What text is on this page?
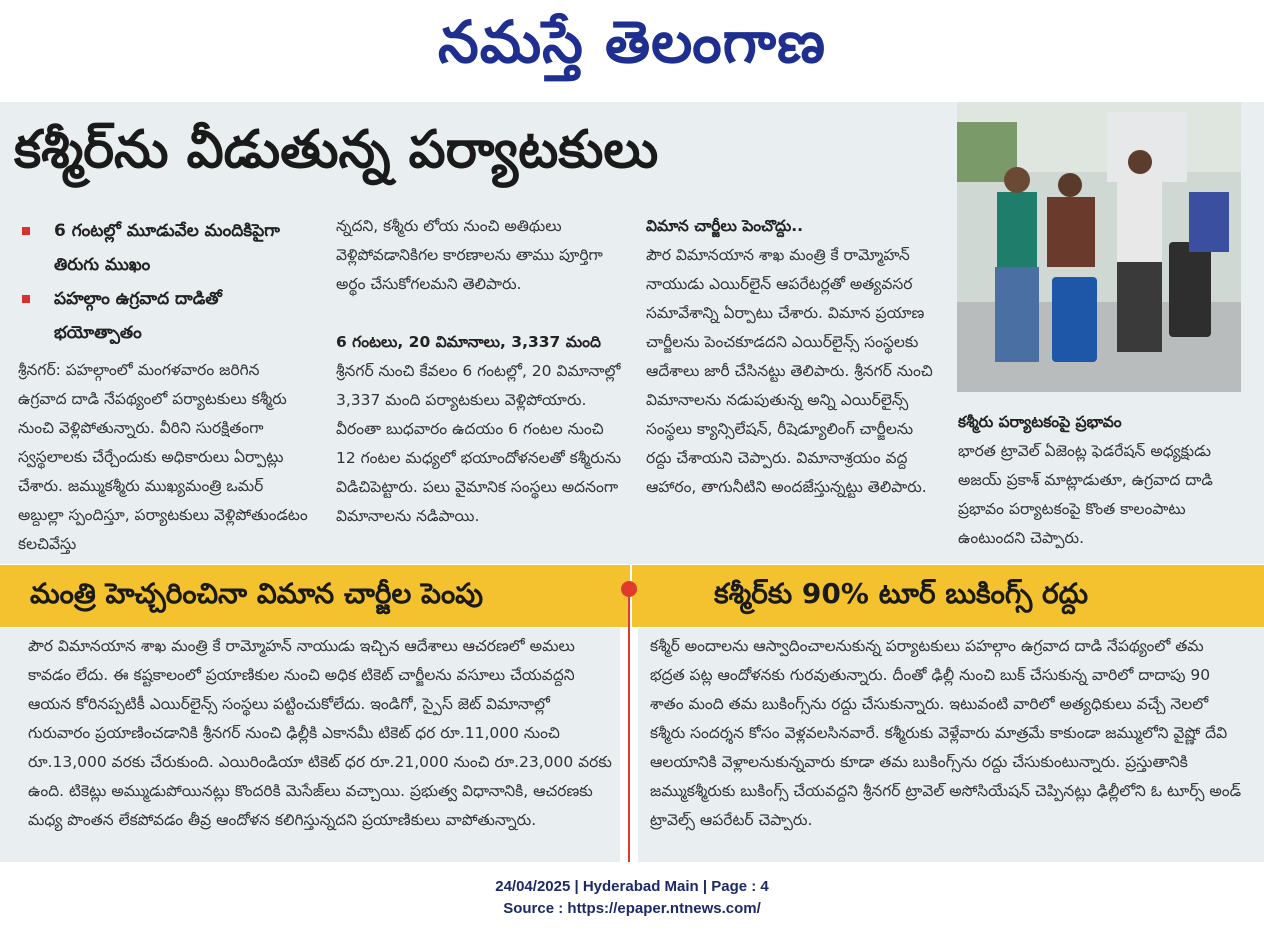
నమస్తే తెలంగాణ
కశ్మీర్‌ను వీడుతున్న పర్యాటకులు
6 గంటల్లో మూడువేల మందికిపైగా తిరుగు ముఖం
పహల్గాం ఉగ్రవాద దాడితో భయోత్పాతం
శ్రీనగర్‌: పహల్గాంలో మంగళవారం జరిగిన ఉగ్రవాద దాడి నేపథ్యంలో పర్యాటకులు కశ్మీరు నుంచి వెళ్లిపోతున్నారు. వీరిని సురక్షితంగా స్వస్థలాలకు చేర్చేందుకు అధికారులు ఏర్పాట్లు చేశారు. జమ్ముకశ్మీరు ముఖ్యమంత్రి ఒమర్‌ అబ్దుల్లా స్పందిస్తూ, పర్యాటకులు వెళ్లిపోతుండటం కలచివేస్తు
న్నదని, కశ్మీరు లోయ నుంచి అతిథులు వెళ్లిపోవడానికిగల కారణాలను తాము పూర్తిగా అర్థం చేసుకోగలమని తెలిపారు.
6 గంటలు, 20 విమానాలు, 3,337 మంది
శ్రీనగర్‌ నుంచి కేవలం 6 గంటల్లో, 20 విమానాల్లో 3,337 మంది పర్యాటకులు వెళ్లిపోయారు. వీరంతా బుధవారం ఉదయం 6 గంటల నుంచి 12 గంటల మధ్యలో భయాందోళనలతో కశ్మీరును విడిచిపెట్టారు. పలు వైమానిక సంస్థలు అదనంగా విమానాలను నడిపాయి.
విమాన చార్జీలు పెంచొద్దు..
పౌర విమానయాన శాఖ మంత్రి కే రామ్మోహన్‌ నాయుడు ఎయిర్‌లైన్‌ ఆపరేటర్లతో అత్యవసర సమావేశాన్ని ఏర్పాటు చేశారు. విమాన ప్రయాణ చార్జీలను పెంచకూడదని ఎయిర్‌లైన్స్‌ సంస్థలకు ఆదేశాలు జారీ చేసినట్టు తెలిపారు. శ్రీనగర్‌ నుంచి విమానాలను నడుపుతున్న అన్ని ఎయిర్‌లైన్స్‌ సంస్థలు క్యాన్సిలేషన్‌, రీషెడ్యూలింగ్‌ చార్జీలను రద్దు చేశాయని చెప్పారు. విమానాశ్రయం వద్ద ఆహారం, తాగునీటిని అందజేస్తున్నట్టు తెలిపారు.
కశ్మీరు పర్యాటకంపై ప్రభావం
భారత ట్రావెల్‌ ఏజెంట్ల ఫెడరేషన్‌ అధ్యక్షుడు అజయ్‌ ప్రకాశ్‌ మాట్లాడుతూ, ఉగ్రవాద దాడి ప్రభావం పర్యాటకంపై కొంత కాలంపాటు ఉంటుందని చెప్పారు.
మంత్రి హెచ్చరించినా విమాన చార్జీల పెంపు	కశ్మీర్‌కు 90% టూర్‌ బుకింగ్స్‌ రద్దు
పౌర విమానయాన శాఖ మంత్రి కే రామ్మోహన్‌ నాయుడు ఇచ్చిన ఆదేశాలు ఆచరణలో అమలు కావడం లేదు. ఈ కష్టకాలంలో ప్రయాణికుల నుంచి అధిక టికెట్‌ చార్జీలను వసూలు చేయవద్దని ఆయన కోరినప్పటికీ ఎయిర్‌లైన్స్‌ సంస్థలు పట్టించుకోలేదు. ఇండిగో, స్పైస్‌ జెట్‌ విమానాల్లో గురువారం ప్రయాణించడానికి శ్రీనగర్‌ నుంచి ఢిల్లీకి ఎకానమీ టికెట్‌ ధర రూ.11,000 నుంచి రూ.13,000 వరకు చేరుకుంది. ఎయిరిండియా టికెట్‌ ధర రూ.21,000 నుంచి రూ.23,000 వరకు ఉంది. టికెట్లు అమ్ముడుపోయినట్లు కొందరికి మెసేజ్‌లు వచ్చాయి. ప్రభుత్వ విధానానికి, ఆచరణకు మధ్య పొంతన లేకపోవడం తీవ్ర ఆందోళన కలిగిస్తున్నదని ప్రయాణికులు వాపోతున్నారు.
కశ్మీర్‌ అందాలను ఆస్వాదించాలనుకున్న పర్యాటకులు పహల్గాం ఉగ్రవాద దాడి నేపథ్యంలో తమ భద్రత పట్ల ఆందోళనకు గురవుతున్నారు. దీంతో ఢిల్లీ నుంచి బుక్‌ చేసుకున్న వారిలో దాదాపు 90 శాతం మంది తమ బుకింగ్స్‌ను రద్దు చేసుకున్నారు. ఇటువంటి వారిలో అత్యధికులు వచ్చే నెలలో కశ్మీరు సందర్శన కోసం వెళ్లవలసినవారే. కశ్మీరుకు వెళ్లేవారు మాత్రమే కాకుండా జమ్ములోని వైష్ణో దేవి ఆలయానికి వెళ్లాలనుకున్నవారు కూడా తమ బుకింగ్స్‌ను రద్దు చేసుకుంటున్నారు. ప్రస్తుతానికి జమ్ముకశ్మీరుకు బుకింగ్స్‌ చేయవద్దని శ్రీనగర్‌ ట్రావెల్‌ అసోసియేషన్‌ చెప్పినట్లు ఢిల్లీలోని ఓ టూర్స్‌ అండ్‌ ట్రావెల్స్‌ ఆపరేటర్‌ చెప్పారు.
24/04/2025 | Hyderabad Main | Page : 4
Source : https://epaper.ntnews.com/
